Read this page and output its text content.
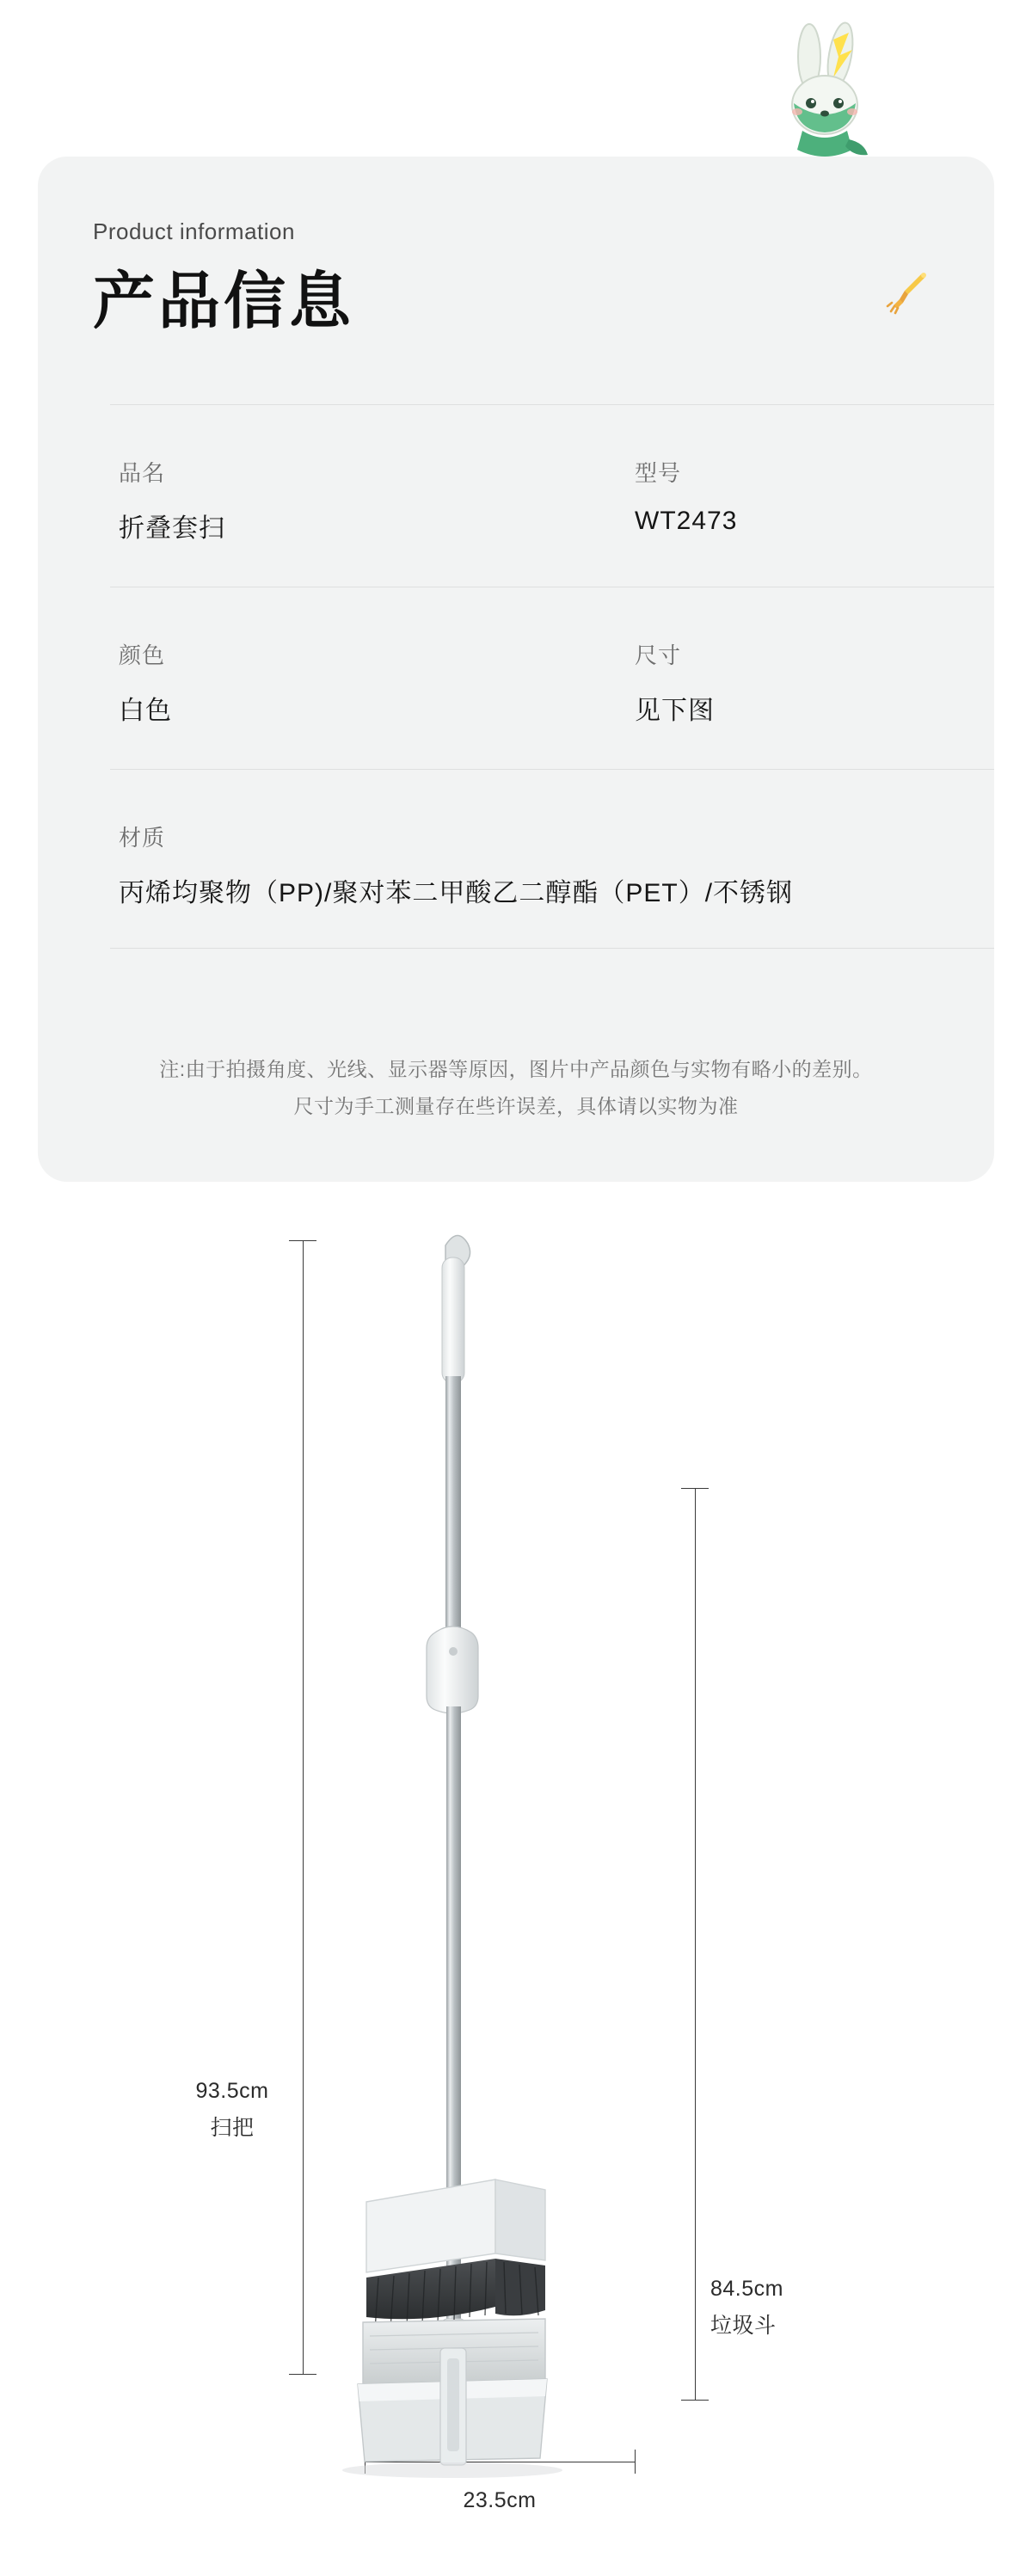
Product information
产品信息
品名
折叠套扫
型号
WT2473
颜色
白色
尺寸
见下图
材质
丙烯均聚物（PP)/聚对苯二甲酸乙二醇酯（PET）/不锈钢
注:由于拍摄角度、光线、显示器等原因，图片中产品颜色与实物有略小的差别。
尺寸为手工测量存在些许误差，具体请以实物为准
93.5cm
扫把
84.5cm
垃圾斗
23.5cm
